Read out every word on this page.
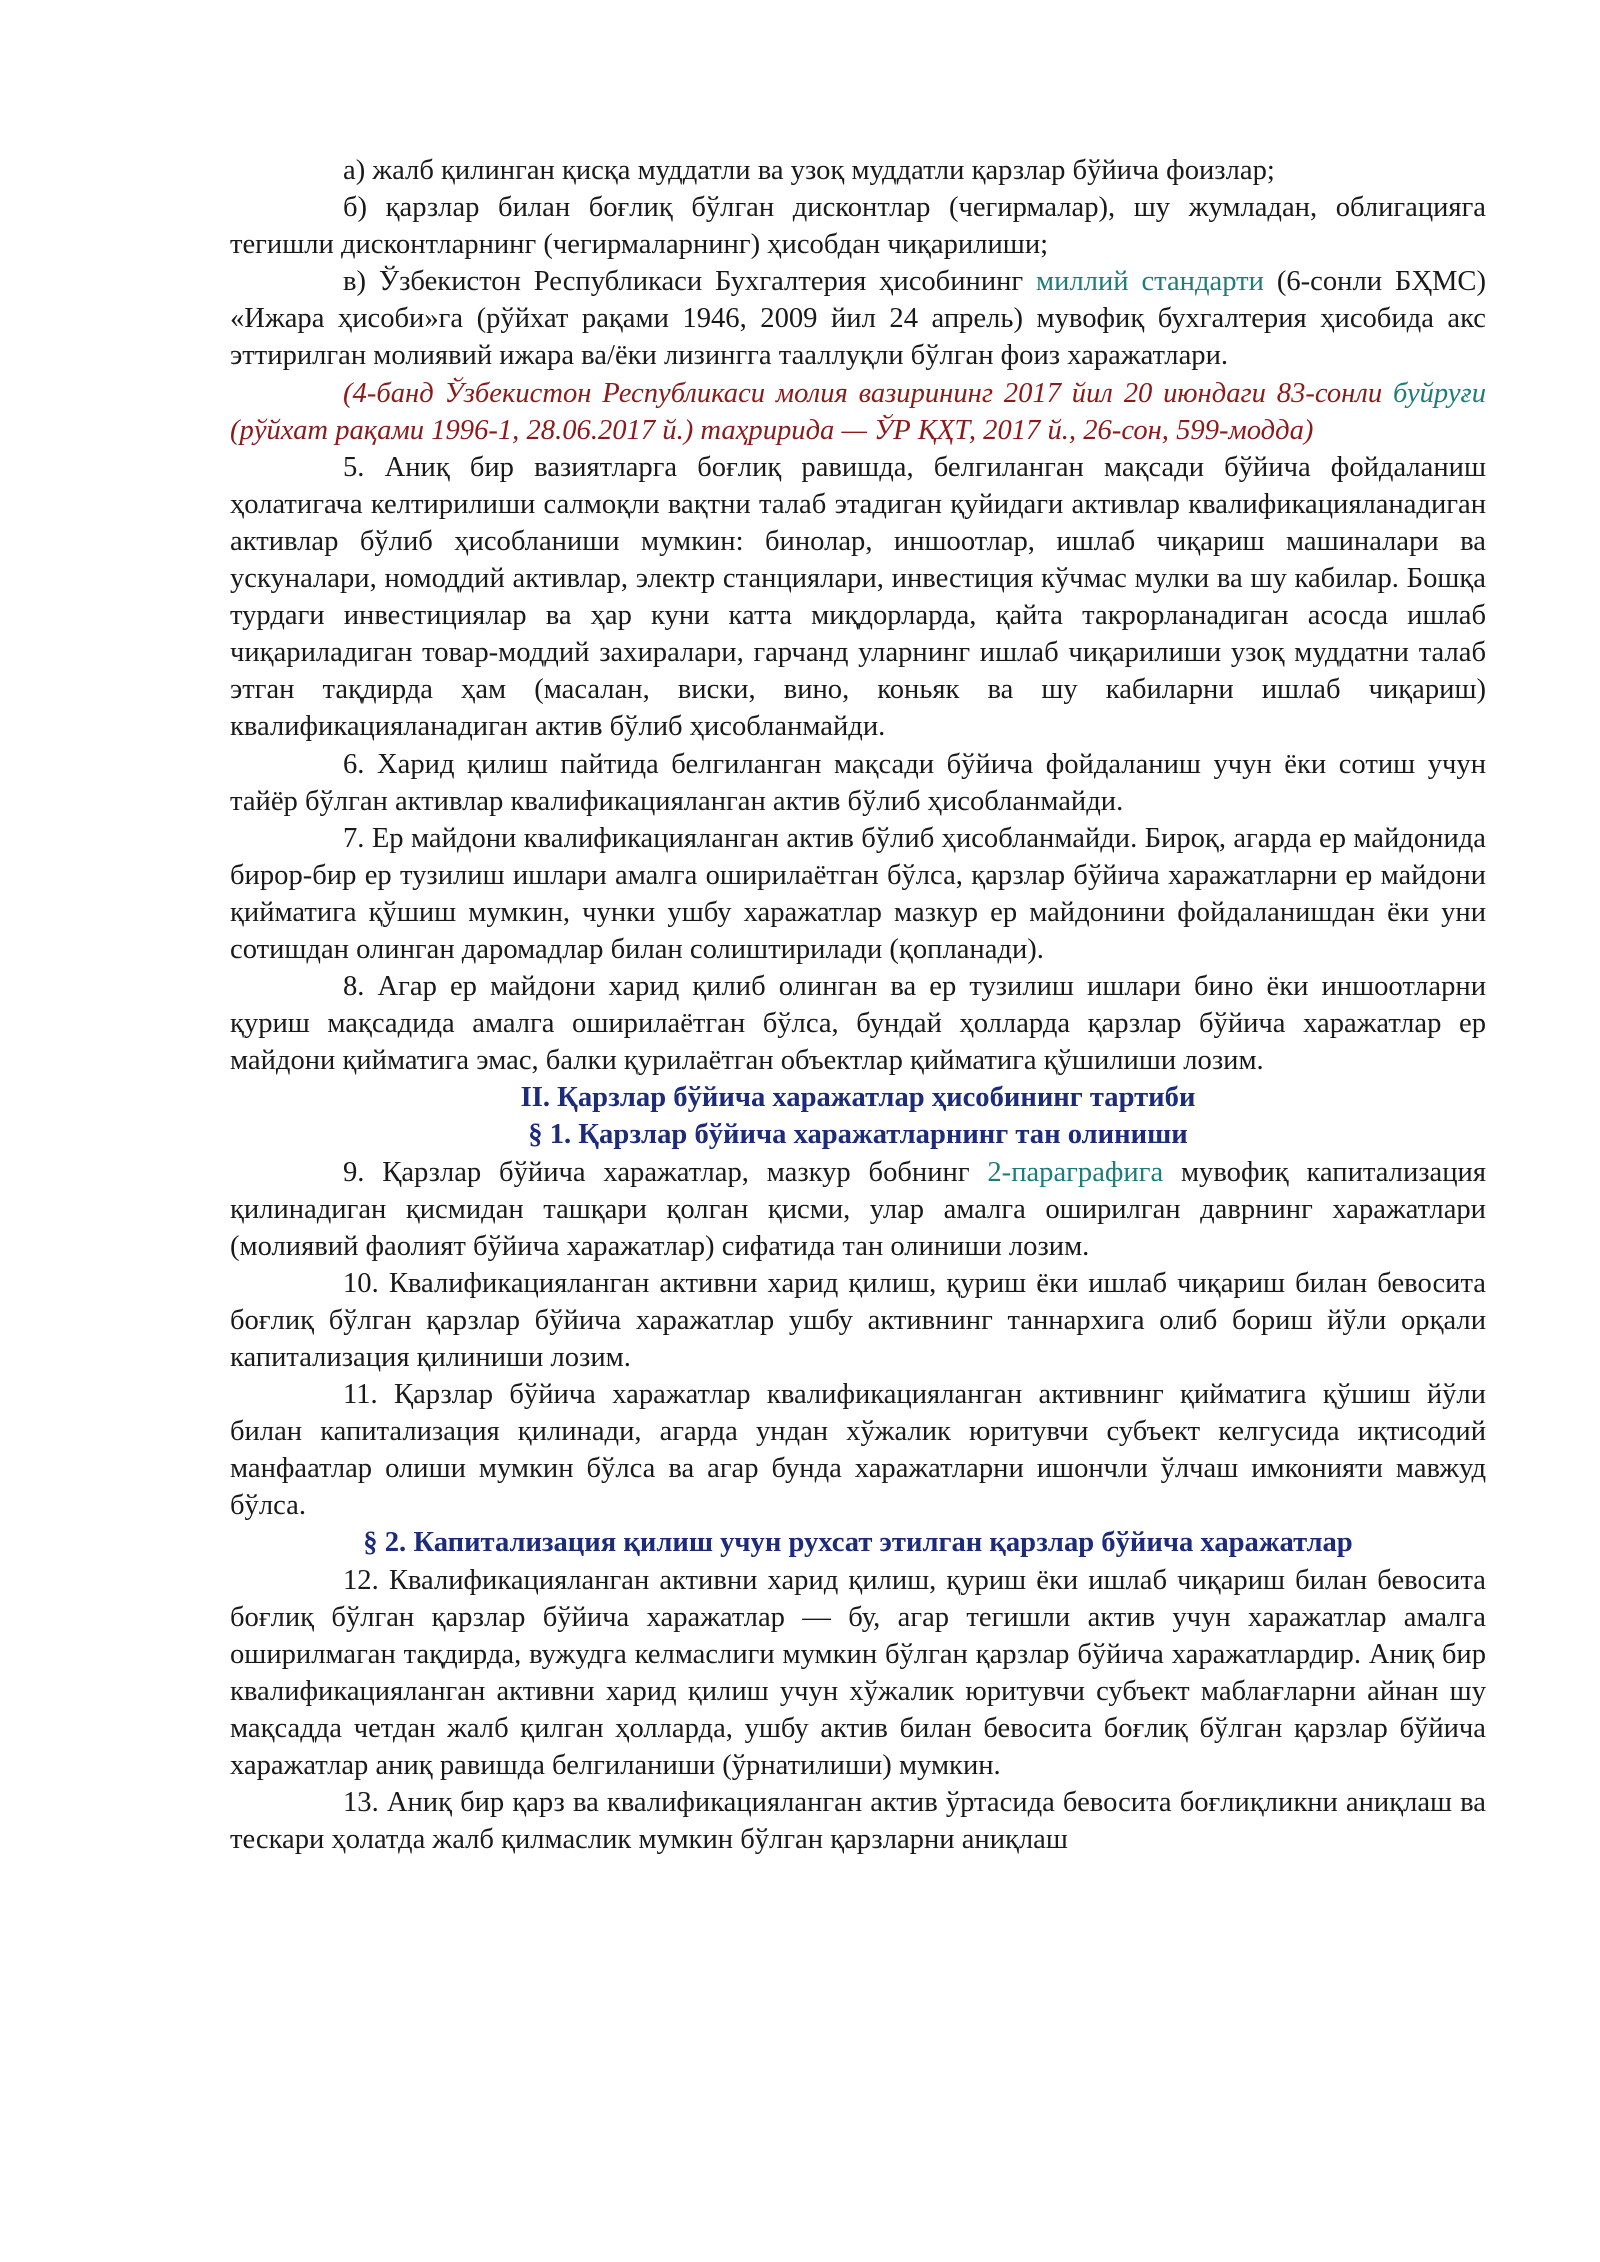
а) жалб қилинган қисқа муддатли ва узоқ муддатли қарзлар бўйича фоизлар;

б) қарзлар билан боғлиқ бўлган дисконтлар (чегирмалар), шу жумладан, облигацияга тегишли дисконтларнинг (чегирмаларнинг) ҳисобдан чиқарилиши;

в) Ўзбекистон Республикаси Бухгалтерия ҳисобининг миллий стандарти (6-сонли БҲМС) «Ижара ҳисоби»га (рўйхат рақами 1946, 2009 йил 24 апрель) мувофиқ бухгалтерия ҳисобида акс эттирилган молиявий ижара ва/ёки лизингга тааллуқли бўлган фоиз харажатлари.

(4-банд Ўзбекистон Республикаси молия вазирининг 2017 йил 20 июндаги 83-сонли буйруғи (рўйхат рақами 1996-1, 28.06.2017 й.) таҳририда — ЎР ҚҲТ, 2017 й., 26-сон, 599-модда)

5. Аниқ бир вазиятларга боғлиқ равишда, белгиланган мақсади бўйича фойдаланиш ҳолатигача келтирилиши салмоқли вақтни талаб этадиган қуйидаги активлар квалификацияланадиган активлар бўлиб ҳисобланиши мумкин: бинолар, иншоотлар, ишлаб чиқариш машиналари ва ускуналари, номоддий активлар, электр станциялари, инвестиция кўчмас мулки ва шу кабилар. Бошқа турдаги инвестициялар ва ҳар куни катта миқдорларда, қайта такрорланадиган асосда ишлаб чиқариладиган товар-моддий захиралари, гарчанд уларнинг ишлаб чиқарилиши узоқ муддатни талаб этган тақдирда ҳам (масалан, виски, вино, коньяк ва шу кабиларни ишлаб чиқариш) квалификацияланадиган актив бўлиб ҳисобланмайди.

6. Харид қилиш пайтида белгиланган мақсади бўйича фойдаланиш учун ёки сотиш учун тайёр бўлган активлар квалификацияланган актив бўлиб ҳисобланмайди.

7. Ер майдони квалификацияланган актив бўлиб ҳисобланмайди. Бироқ, агарда ер майдонида бирор-бир ер тузилиш ишлари амалга оширилаётган бўлса, қарзлар бўйича харажатларни ер майдони қийматига қўшиш мумкин, чунки ушбу харажатлар мазкур ер майдонини фойдаланишдан ёки уни сотишдан олинган даромадлар билан солиштирилади (қопланади).

8. Агар ер майдони харид қилиб олинган ва ер тузилиш ишлари бино ёки иншоотларни қуриш мақсадида амалга оширилаётган бўлса, бундай ҳолларда қарзлар бўйича харажатлар ер майдони қийматига эмас, балки қурилаётган объектлар қийматига қўшилиши лозим.

II. Қарзлар бўйича харажатлар ҳисобининг тартиби

§ 1. Қарзлар бўйича харажатларнинг тан олиниши

9. Қарзлар бўйича харажатлар, мазкур бобнинг 2-параграфига мувофиқ капитализация қилинадиган қисмидан ташқари қолган қисми, улар амалга оширилган даврнинг харажатлари (молиявий фаолият бўйича харажатлар) сифатида тан олиниши лозим.

10. Квалификацияланган активни харид қилиш, қуриш ёки ишлаб чиқариш билан бевосита боғлиқ бўлган қарзлар бўйича харажатлар ушбу активнинг таннархига олиб бориш йўли орқали капитализация қилиниши лозим.

11. Қарзлар бўйича харажатлар квалификацияланган активнинг қийматига қўшиш йўли билан капитализация қилинади, агарда ундан хўжалик юритувчи субъект келгусида иқтисодий манфаатлар олиши мумкин бўлса ва агар бунда харажатларни ишончли ўлчаш имконияти мавжуд бўлса.

§ 2. Капитализация қилиш учун рухсат этилган қарзлар бўйича харажатлар

12. Квалификацияланган активни харид қилиш, қуриш ёки ишлаб чиқариш билан бевосита боғлиқ бўлган қарзлар бўйича харажатлар — бу, агар тегишли актив учун харажатлар амалга оширилмаган тақдирда, вужудга келмаслиги мумкин бўлган қарзлар бўйича харажатлардир. Аниқ бир квалификацияланган активни харид қилиш учун хўжалик юритувчи субъект маблағларни айнан шу мақсадда четдан жалб қилган ҳолларда, ушбу актив билан бевосита боғлиқ бўлган қарзлар бўйича харажатлар аниқ равишда белгиланиши (ўрнатилиши) мумкин.

13. Аниқ бир қарз ва квалификацияланган актив ўртасида бевосита боғлиқликни аниқлаш ва тескари ҳолатда жалб қилмаслик мумкин бўлган қарзларни аниқлаш
